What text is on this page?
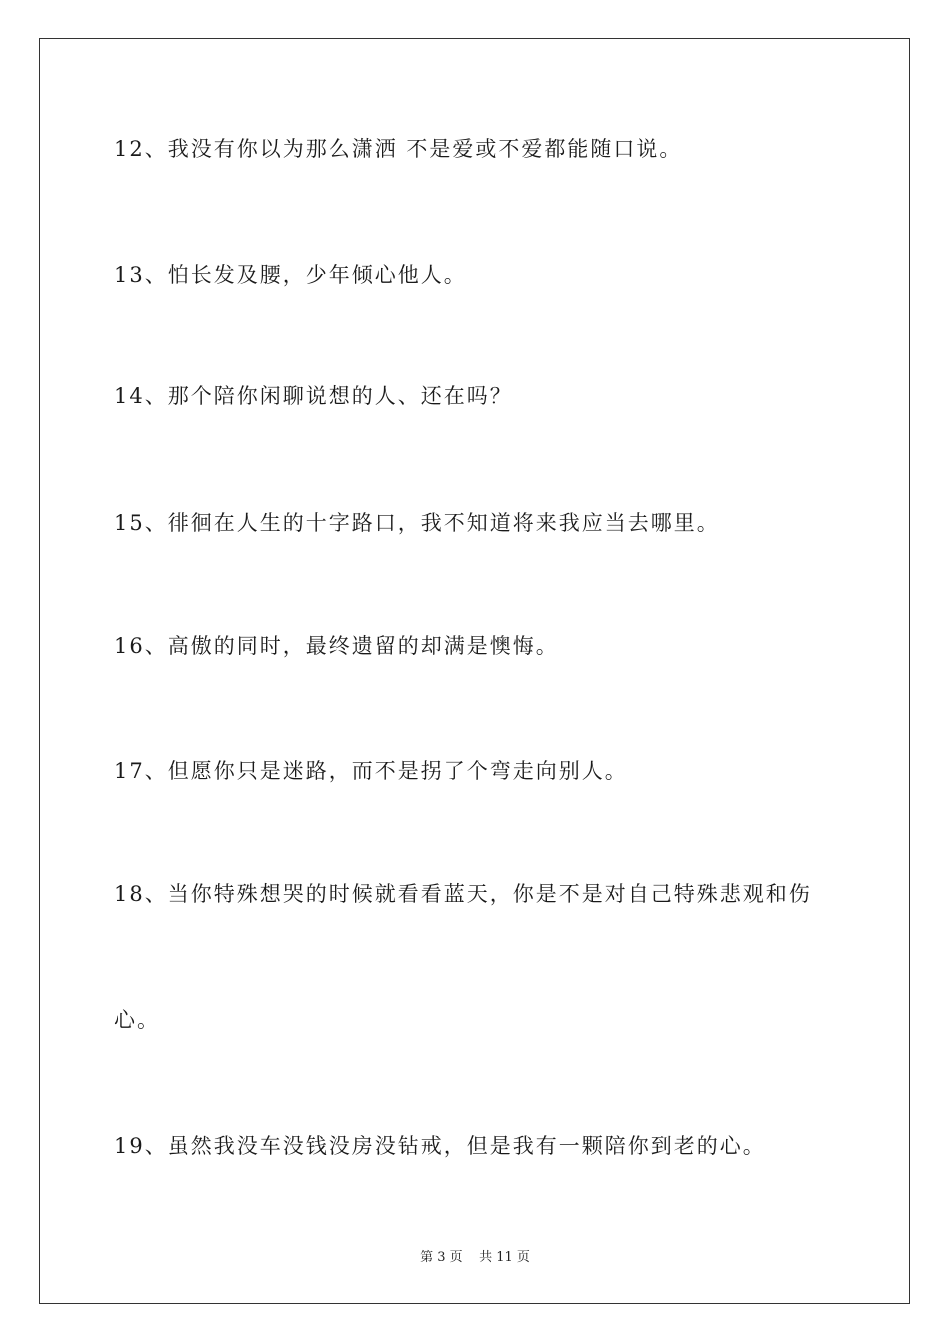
12、我没有你以为那么潇洒 不是爱或不爱都能随口说。
13、怕长发及腰，少年倾心他人。
14、那个陪你闲聊说想的人、还在吗？
15、徘徊在人生的十字路口，我不知道将来我应当去哪里。
16、高傲的同时，最终遗留的却满是懊悔。
17、但愿你只是迷路，而不是拐了个弯走向别人。
18、当你特殊想哭的时候就看看蓝天，你是不是对自己特殊悲观和伤
心。
19、虽然我没车没钱没房没钻戒，但是我有一颗陪你到老的心。
第 3 页    共 11 页
